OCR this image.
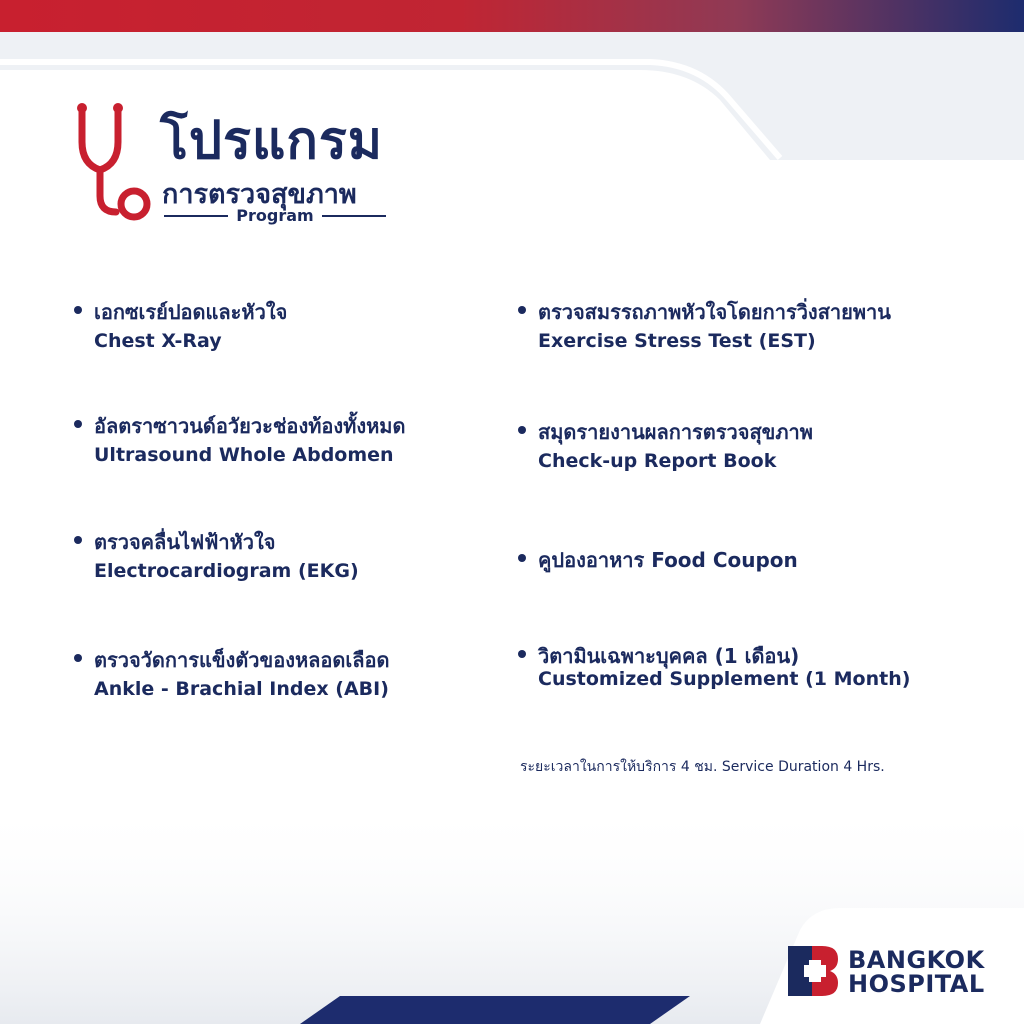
โปรแกรม
การตรวจสุขภาพ
Program
เอกซเรย์ปอดและหัวใจ
Chest X-Ray
อัลตราซาวนด์อวัยวะช่องท้องทั้งหมด
Ultrasound Whole Abdomen
ตรวจคลื่นไฟฟ้าหัวใจ
Electrocardiogram (EKG)
ตรวจวัดการแข็งตัวของหลอดเลือด
Ankle - Brachial Index (ABI)
ตรวจสมรรถภาพหัวใจโดยการวิ่งสายพาน
Exercise Stress Test (EST)
สมุดรายงานผลการตรวจสุขภาพ
Check-up Report Book
คูปองอาหาร Food Coupon
วิตามินเฉพาะบุคคล (1 เดือน)
Customized Supplement (1 Month)
ระยะเวลาในการให้บริการ 4 ชม. Service Duration 4 Hrs.
BANGKOK
HOSPITAL
